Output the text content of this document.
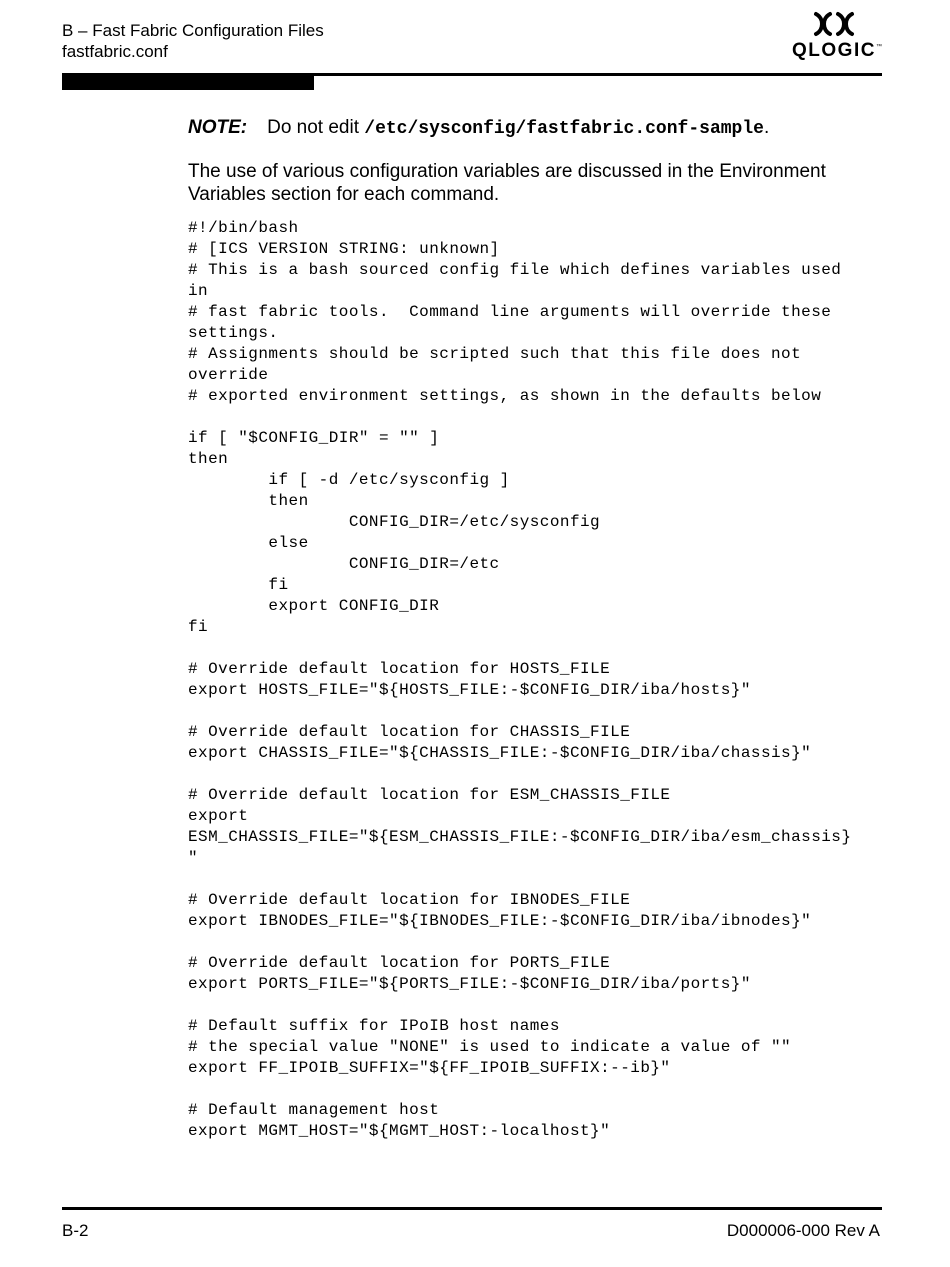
B – Fast Fabric Configuration Files
fastfabric.conf	QLOGIC ™
NOTE: Do not edit /etc/sysconfig/fastfabric.conf-sample.
The use of various configuration variables are discussed in the Environment Variables section for each command.
#!/bin/bash
# [ICS VERSION STRING: unknown]
# This is a bash sourced config file which defines variables used
in
# fast fabric tools.  Command line arguments will override these
settings.
# Assignments should be scripted such that this file does not
override
# exported environment settings, as shown in the defaults below
if [ "$CONFIG_DIR" = "" ]
then
if [ -d /etc/sysconfig ]
then
CONFIG_DIR=/etc/sysconfig
else
CONFIG_DIR=/etc
fi
export CONFIG_DIR
fi
# Override default location for HOSTS_FILE
export HOSTS_FILE="${HOSTS_FILE:-$CONFIG_DIR/iba/hosts}"
# Override default location for CHASSIS_FILE
export CHASSIS_FILE="${CHASSIS_FILE:-$CONFIG_DIR/iba/chassis}"
# Override default location for ESM_CHASSIS_FILE
export
ESM_CHASSIS_FILE="${ESM_CHASSIS_FILE:-$CONFIG_DIR/iba/esm_chassis}
"
# Override default location for IBNODES_FILE
export IBNODES_FILE="${IBNODES_FILE:-$CONFIG_DIR/iba/ibnodes}"
# Override default location for PORTS_FILE
export PORTS_FILE="${PORTS_FILE:-$CONFIG_DIR/iba/ports}"
# Default suffix for IPoIB host names
# the special value "NONE" is used to indicate a value of ""
export FF_IPOIB_SUFFIX="${FF_IPOIB_SUFFIX:--ib}"
# Default management host
export MGMT_HOST="${MGMT_HOST:-localhost}"
B-2	D000006-000 Rev A
